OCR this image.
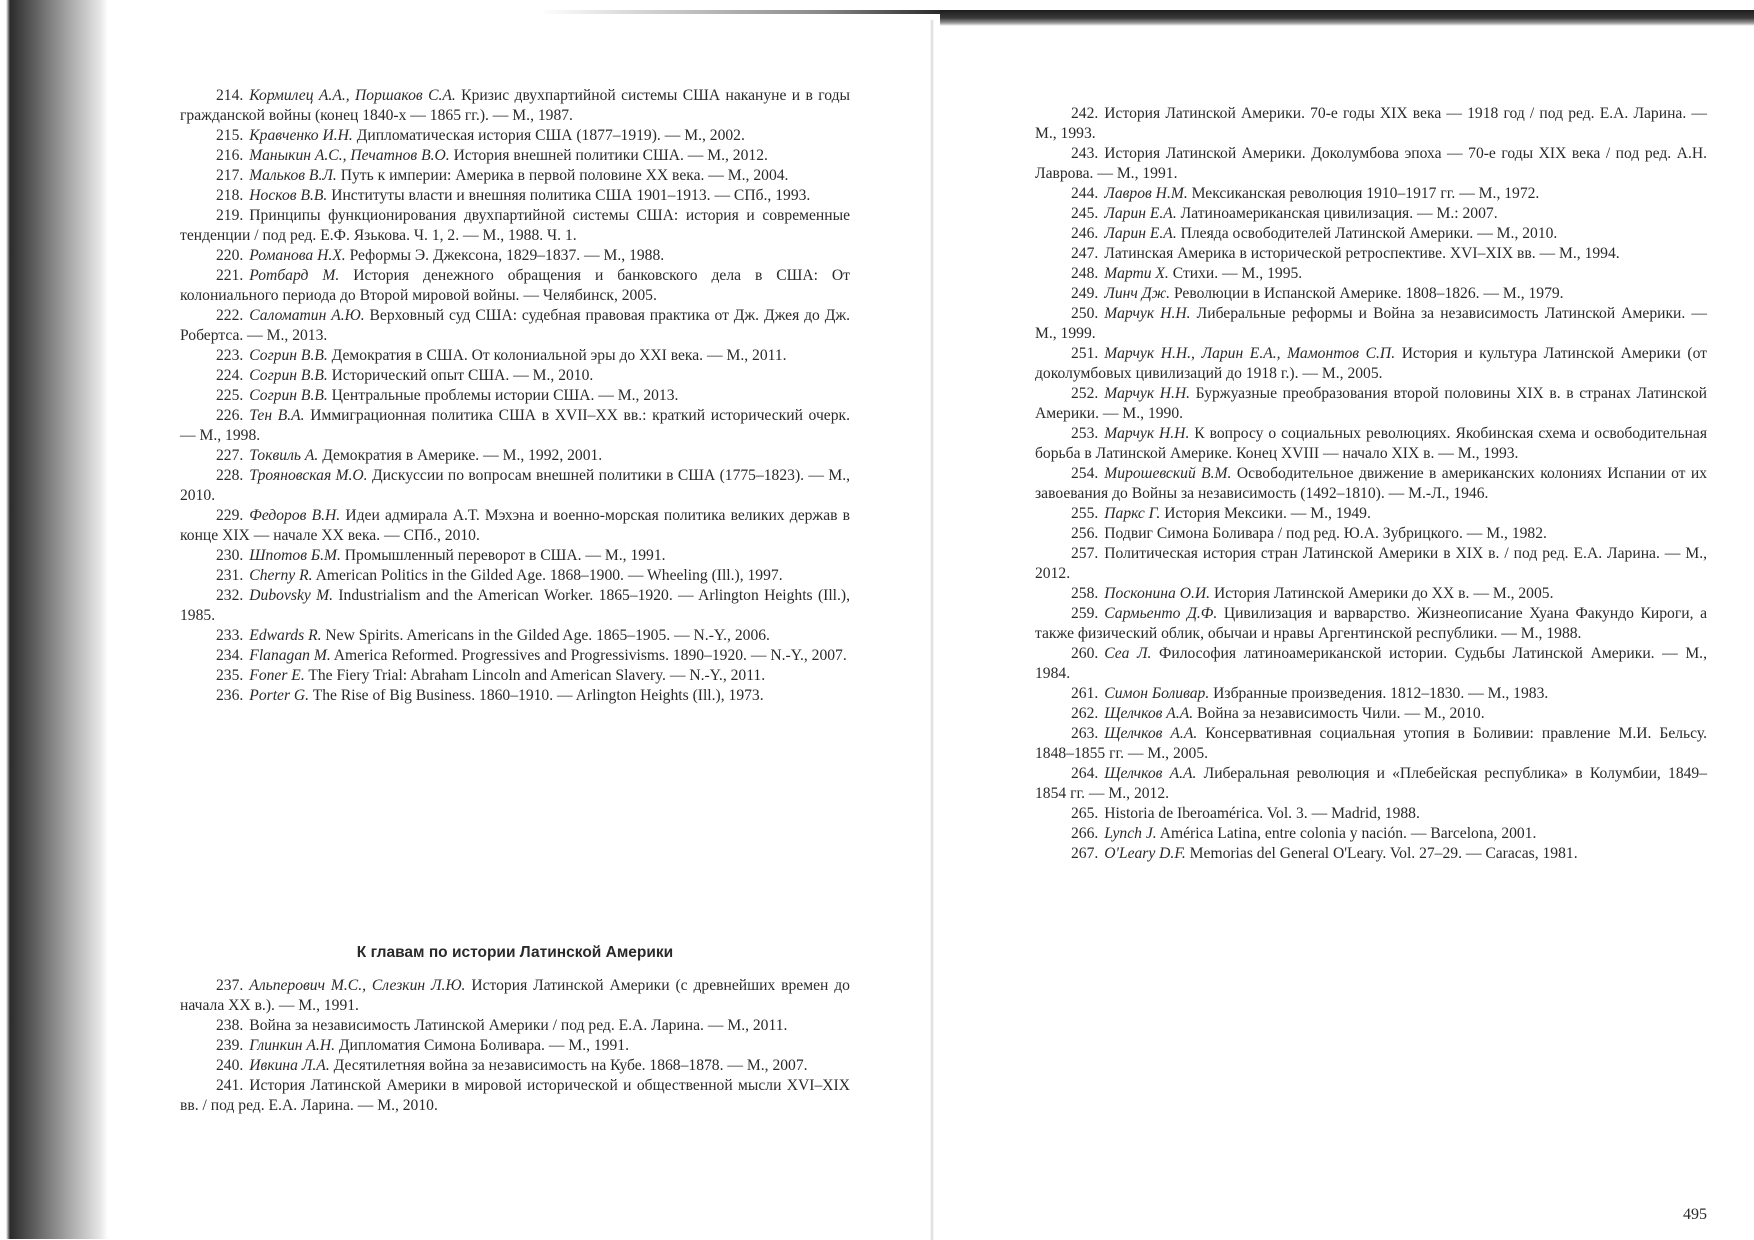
214. Кормилец А.А., Поршаков С.А. Кризис двухпартийной системы США накануне и в годы гражданской войны (конец 1840-х — 1865 гг.). — М., 1987.

215. Кравченко И.Н. Дипломатическая история США (1877–1919). — М., 2002.

216. Маныкин А.С., Печатнов В.О. История внешней политики США. — М., 2012.

217. Мальков В.Л. Путь к империи: Америка в первой половине XX века. — М., 2004.

218. Носков В.В. Институты власти и внешняя политика США 1901–1913. — СПб., 1993.

219. Принципы функционирования двухпартийной системы США: история и современные тенденции / под ред. Е.Ф. Язькова. Ч. 1, 2. — М., 1988. Ч. 1.

220. Романова Н.Х. Реформы Э. Джексона, 1829–1837. — М., 1988.

221. Ротбард М. История денежного обращения и банковского дела в США: От колониального периода до Второй мировой войны. — Челябинск, 2005.

222. Саломатин А.Ю. Верховный суд США: судебная правовая практика от Дж. Джея до Дж. Робертса. — М., 2013.

223. Согрин В.В. Демократия в США. От колониальной эры до XXI века. — М., 2011.

224. Согрин В.В. Исторический опыт США. — М., 2010.

225. Согрин В.В. Центральные проблемы истории США. — М., 2013.

226. Тен В.А. Иммиграционная политика США в XVII–XX вв.: краткий исторический очерк. — М., 1998.

227. Токвиль А. Демократия в Америке. — М., 1992, 2001.

228. Трояновская М.О. Дискуссии по вопросам внешней политики в США (1775–1823). — М., 2010.

229. Федоров В.Н. Идеи адмирала А.Т. Мэхэна и военно-морская политика великих держав в конце XIX — начале XX века. — СПб., 2010.

230. Шпотов Б.М. Промышленный переворот в США. — М., 1991.

231. Cherny R. American Politics in the Gilded Age. 1868–1900. — Wheeling (Ill.), 1997.

232. Dubovsky M. Industrialism and the American Worker. 1865–1920. — Arlington Heights (Ill.), 1985.

233. Edwards R. New Spirits. Americans in the Gilded Age. 1865–1905. — N.-Y., 2006.

234. Flanagan M. America Reformed. Progressives and Progressivisms. 1890–1920. — N.-Y., 2007.

235. Foner E. The Fiery Trial: Abraham Lincoln and American Slavery. — N.-Y., 2011.

236. Porter G. The Rise of Big Business. 1860–1910. — Arlington Heights (Ill.), 1973.

К главам по истории Латинской Америки

237. Альперович М.С., Слезкин Л.Ю. История Латинской Америки (с древнейших времен до начала XX в.). — М., 1991.

238. Война за независимость Латинской Америки / под ред. Е.А. Ларина. — М., 2011.

239. Глинкин А.Н. Дипломатия Симона Боливара. — М., 1991.

240. Ивкина Л.А. Десятилетняя война за независимость на Кубе. 1868–1878. — М., 2007.

241. История Латинской Америки в мировой исторической и общественной мысли XVI–XIX вв. / под ред. Е.А. Ларина. — М., 2010.

242. История Латинской Америки. 70-е годы XIX века — 1918 год / под ред. Е.А. Ларина. — М., 1993.

243. История Латинской Америки. Доколумбова эпоха — 70-е годы XIX века / под ред. А.Н. Лаврова. — М., 1991.

244. Лавров Н.М. Мексиканская революция 1910–1917 гг. — М., 1972.

245. Ларин Е.А. Латиноамериканская цивилизация. — М.: 2007.

246. Ларин Е.А. Плеяда освободителей Латинской Америки. — М., 2010.

247. Латинская Америка в исторической ретроспективе. XVI–XIX вв. — М., 1994.

248. Марти Х. Стихи. — М., 1995.

249. Линч Дж. Революции в Испанской Америке. 1808–1826. — М., 1979.

250. Марчук Н.Н. Либеральные реформы и Война за независимость Латинской Америки. — М., 1999.

251. Марчук Н.Н., Ларин Е.А., Мамонтов С.П. История и культура Латинской Америки (от доколумбовых цивилизаций до 1918 г.). — М., 2005.

252. Марчук Н.Н. Буржуазные преобразования второй половины XIX в. в странах Латинской Америки. — М., 1990.

253. Марчук Н.Н. К вопросу о социальных революциях. Якобинская схема и освободительная борьба в Латинской Америке. Конец XVIII — начало XIX в. — М., 1993.

254. Мирошевский В.М. Освободительное движение в американских колониях Испании от их завоевания до Войны за независимость (1492–1810). — М.-Л., 1946.

255. Паркс Г. История Мексики. — М., 1949.

256. Подвиг Симона Боливара / под ред. Ю.А. Зубрицкого. — М., 1982.

257. Политическая история стран Латинской Америки в XIX в. / под ред. Е.А. Ларина. — М., 2012.

258. Посконина О.И. История Латинской Америки до XX в. — М., 2005.

259. Сармьенто Д.Ф. Цивилизация и варварство. Жизнеописание Хуана Факундо Кироги, а также физический облик, обычаи и нравы Аргентинской республики. — М., 1988.

260. Cea Л. Философия латиноамериканской истории. Судьбы Латинской Америки. — М., 1984.

261. Симон Боливар. Избранные произведения. 1812–1830. — М., 1983.

262. Щелчков А.А. Война за независимость Чили. — М., 2010.

263. Щелчков А.А. Консервативная социальная утопия в Боливии: правление М.И. Бельсу. 1848–1855 гг. — М., 2005.

264. Щелчков А.А. Либеральная революция и «Плебейская республика» в Колумбии, 1849–1854 гг. — М., 2012.

265. Historia de Iberoamérica. Vol. 3. — Madrid, 1988.

266. Lynch J. América Latina, entre colonia y nación. — Barcelona, 2001.

267. O'Leary D.F. Memorias del General O'Leary. Vol. 27–29. — Caracas, 1981.

495
